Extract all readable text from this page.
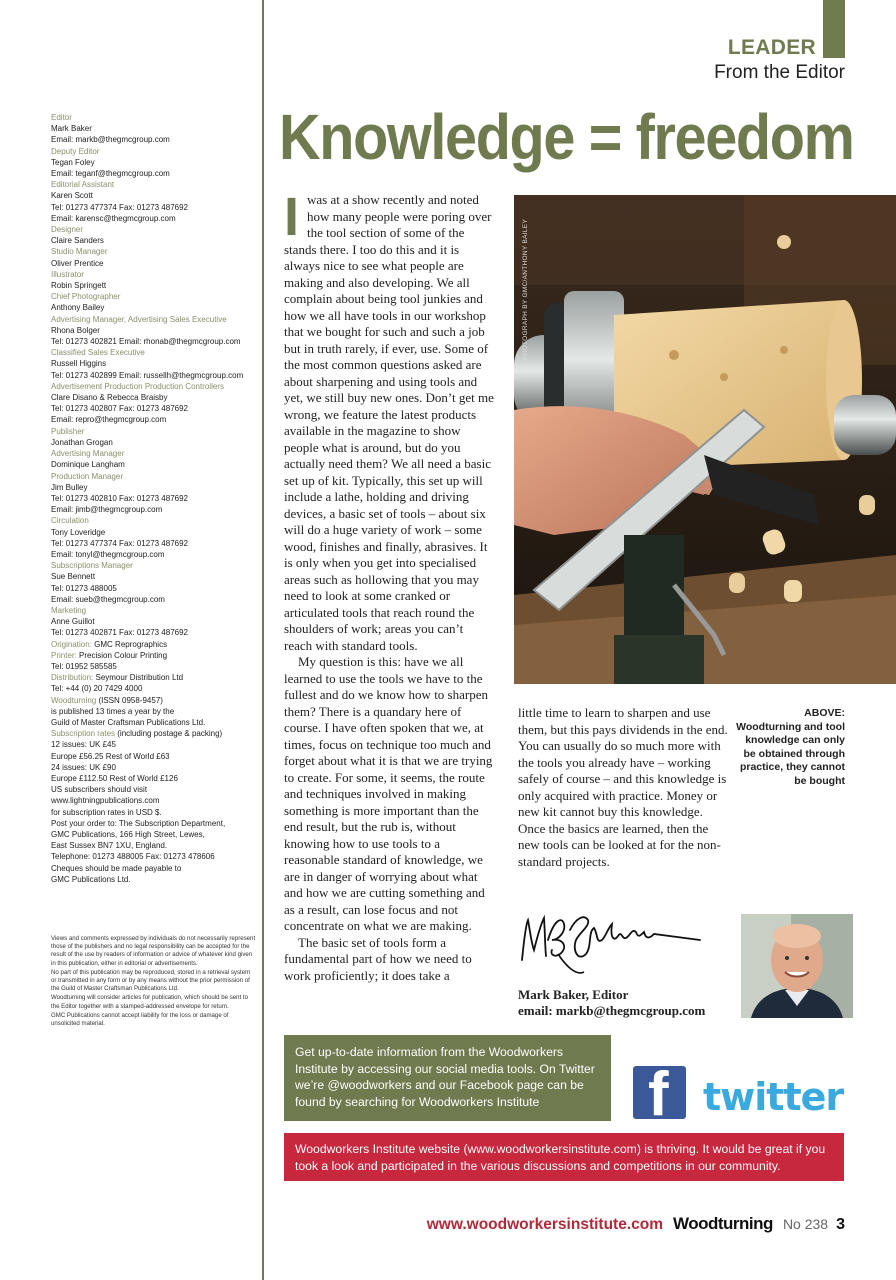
Editor
Mark Baker
Email: markb@thegmcgroup.com
Deputy Editor
Tegan Foley
Email: teganf@thegmcgroup.com
Editorial Assistant
Karen Scott
Tel: 01273 477374 Fax: 01273 487692
Email: karensc@thegmcgroup.com
Designer
Claire Sanders
Studio Manager
Oliver Prentice
Illustrator
Robin Springett
Chief Photographer
Anthony Bailey
Advertising Manager, Advertising Sales Executive
Rhona Bolger
Tel: 01273 402821 Email: rhonab@thegmcgroup.com
Classified Sales Executive
Russell Higgins
Tel: 01273 402899 Email: russellh@thegmcgroup.com
Advertisement Production Production Controllers
Clare Disano & Rebecca Braisby
Tel: 01273 402807 Fax: 01273 487692
Email: repro@thegmcgroup.com
Publisher
Jonathan Grogan
Advertising Manager
Dominique Langham
Production Manager
Jim Bulley
Tel: 01273 402810 Fax: 01273 487692
Email: jimb@thegmcgroup.com
Circulation
Tony Loveridge
Tel: 01273 477374 Fax: 01273 487692
Email: tonyl@thegmcgroup.com
Subscriptions Manager
Sue Bennett
Tel: 01273 488005
Email: sueb@thegmcgroup.com
Marketing
Anne Guillot
Tel: 01273 402871 Fax: 01273 487692
Origination: GMC Reprographics
Printer: Precision Colour Printing
Tel: 01952 585585
Distribution: Seymour Distribution Ltd
Tel: +44 (0) 20 7429 4000
Woodturning (ISSN 0958-9457)
is published 13 times a year by the
Guild of Master Craftsman Publications Ltd.
Subscription rates (including postage & packing)
12 issues: UK £45
Europe £56.25 Rest of World £63
24 issues: UK £90
Europe £112.50 Rest of World £126
US subscribers should visit
www.lightningpublications.com
for subscription rates in USD $.
Post your order to: The Subscription Department,
GMC Publications, 166 High Street, Lewes,
East Sussex BN7 1XU, England.
Telephone: 01273 488005 Fax: 01273 478606
Cheques should be made payable to
GMC Publications Ltd.

Views and comments expressed by individuals do not necessarily represent those of the publishers and no legal responsibility can be accepted for the result of the use by readers of information or advice of whatever kind given in this publication, either in editorial or advertisements.

No part of this publication may be reproduced, stored in a retrieval system or transmitted in any form or by any means without the prior permission of the Guild of Master Craftsman Publications Ltd.

Woodturning will consider articles for publication, which should be sent to the Editor together with a stamped-addressed envelope for return.

GMC Publications cannot accept liability for the loss or damage of unsolicited material.

LEADER
From the Editor
Knowledge = freedom

Iwas at a show recently and noted how many people were poring over the tool section of some of the stands there. I too do this and it is always nice to see what people are making and also developing. We all complain about being tool junkies and how we all have tools in our workshop that we bought for such and such a job but in truth rarely, if ever, use. Some of the most common questions asked are about sharpening and using tools and yet, we still buy new ones. Don’t get me wrong, we feature the latest products available in the magazine to show people what is around, but do you actually need them? We all need a basic set up of kit. Typically, this set up will include a lathe, holding and driving devices, a basic set of tools – about six will do a huge variety of work – some wood, finishes and finally, abrasives. It is only when you get into specialised areas such as hollowing that you may need to look at some cranked or articulated tools that reach round the shoulders of work; areas you can’t reach with standard tools.

My question is this: have we all learned to use the tools we have to the fullest and do we know how to sharpen them? There is a quandary here of course. I have often spoken that we, at times, focus on technique too much and forget about what it is that we are trying to create. For some, it seems, the route and techniques involved in making something is more important than the end result, but the rub is, without knowing how to use tools to a reasonable standard of knowledge, we are in danger of worrying about what and how we are cutting something and as a result, can lose focus and not concentrate on what we are making.

The basic set of tools form a fundamental part of how we need to work proficiently; it does take a

little time to learn to sharpen and use them, but this pays dividends in the end. You can usually do so much more with the tools you already have – working safely of course – and this knowledge is only acquired with practice. Money or new kit cannot buy this knowledge. Once the basics are learned, then the new tools can be looked at for the non-standard projects.

PHOTOGRAPH BY GMC/ANTHONY BAILEY
ABOVE:
Woodturning and tool knowledge can only be obtained through practice, they cannot be bought
Mark Baker, Editor
email: markb@thegmcgroup.com
Get up-to-date information from the Woodworkers Institute by accessing our social media tools. On Twitter we’re @woodworkers and our Facebook page can be found by searching for Woodworkers Institute	f twitter
Woodworkers Institute website (www.woodworkersinstitute.com) is thriving. It would be great if you took a look and participated in the various discussions and competitions in our community.
www.woodworkersinstitute.com Woodturning No 238 3
